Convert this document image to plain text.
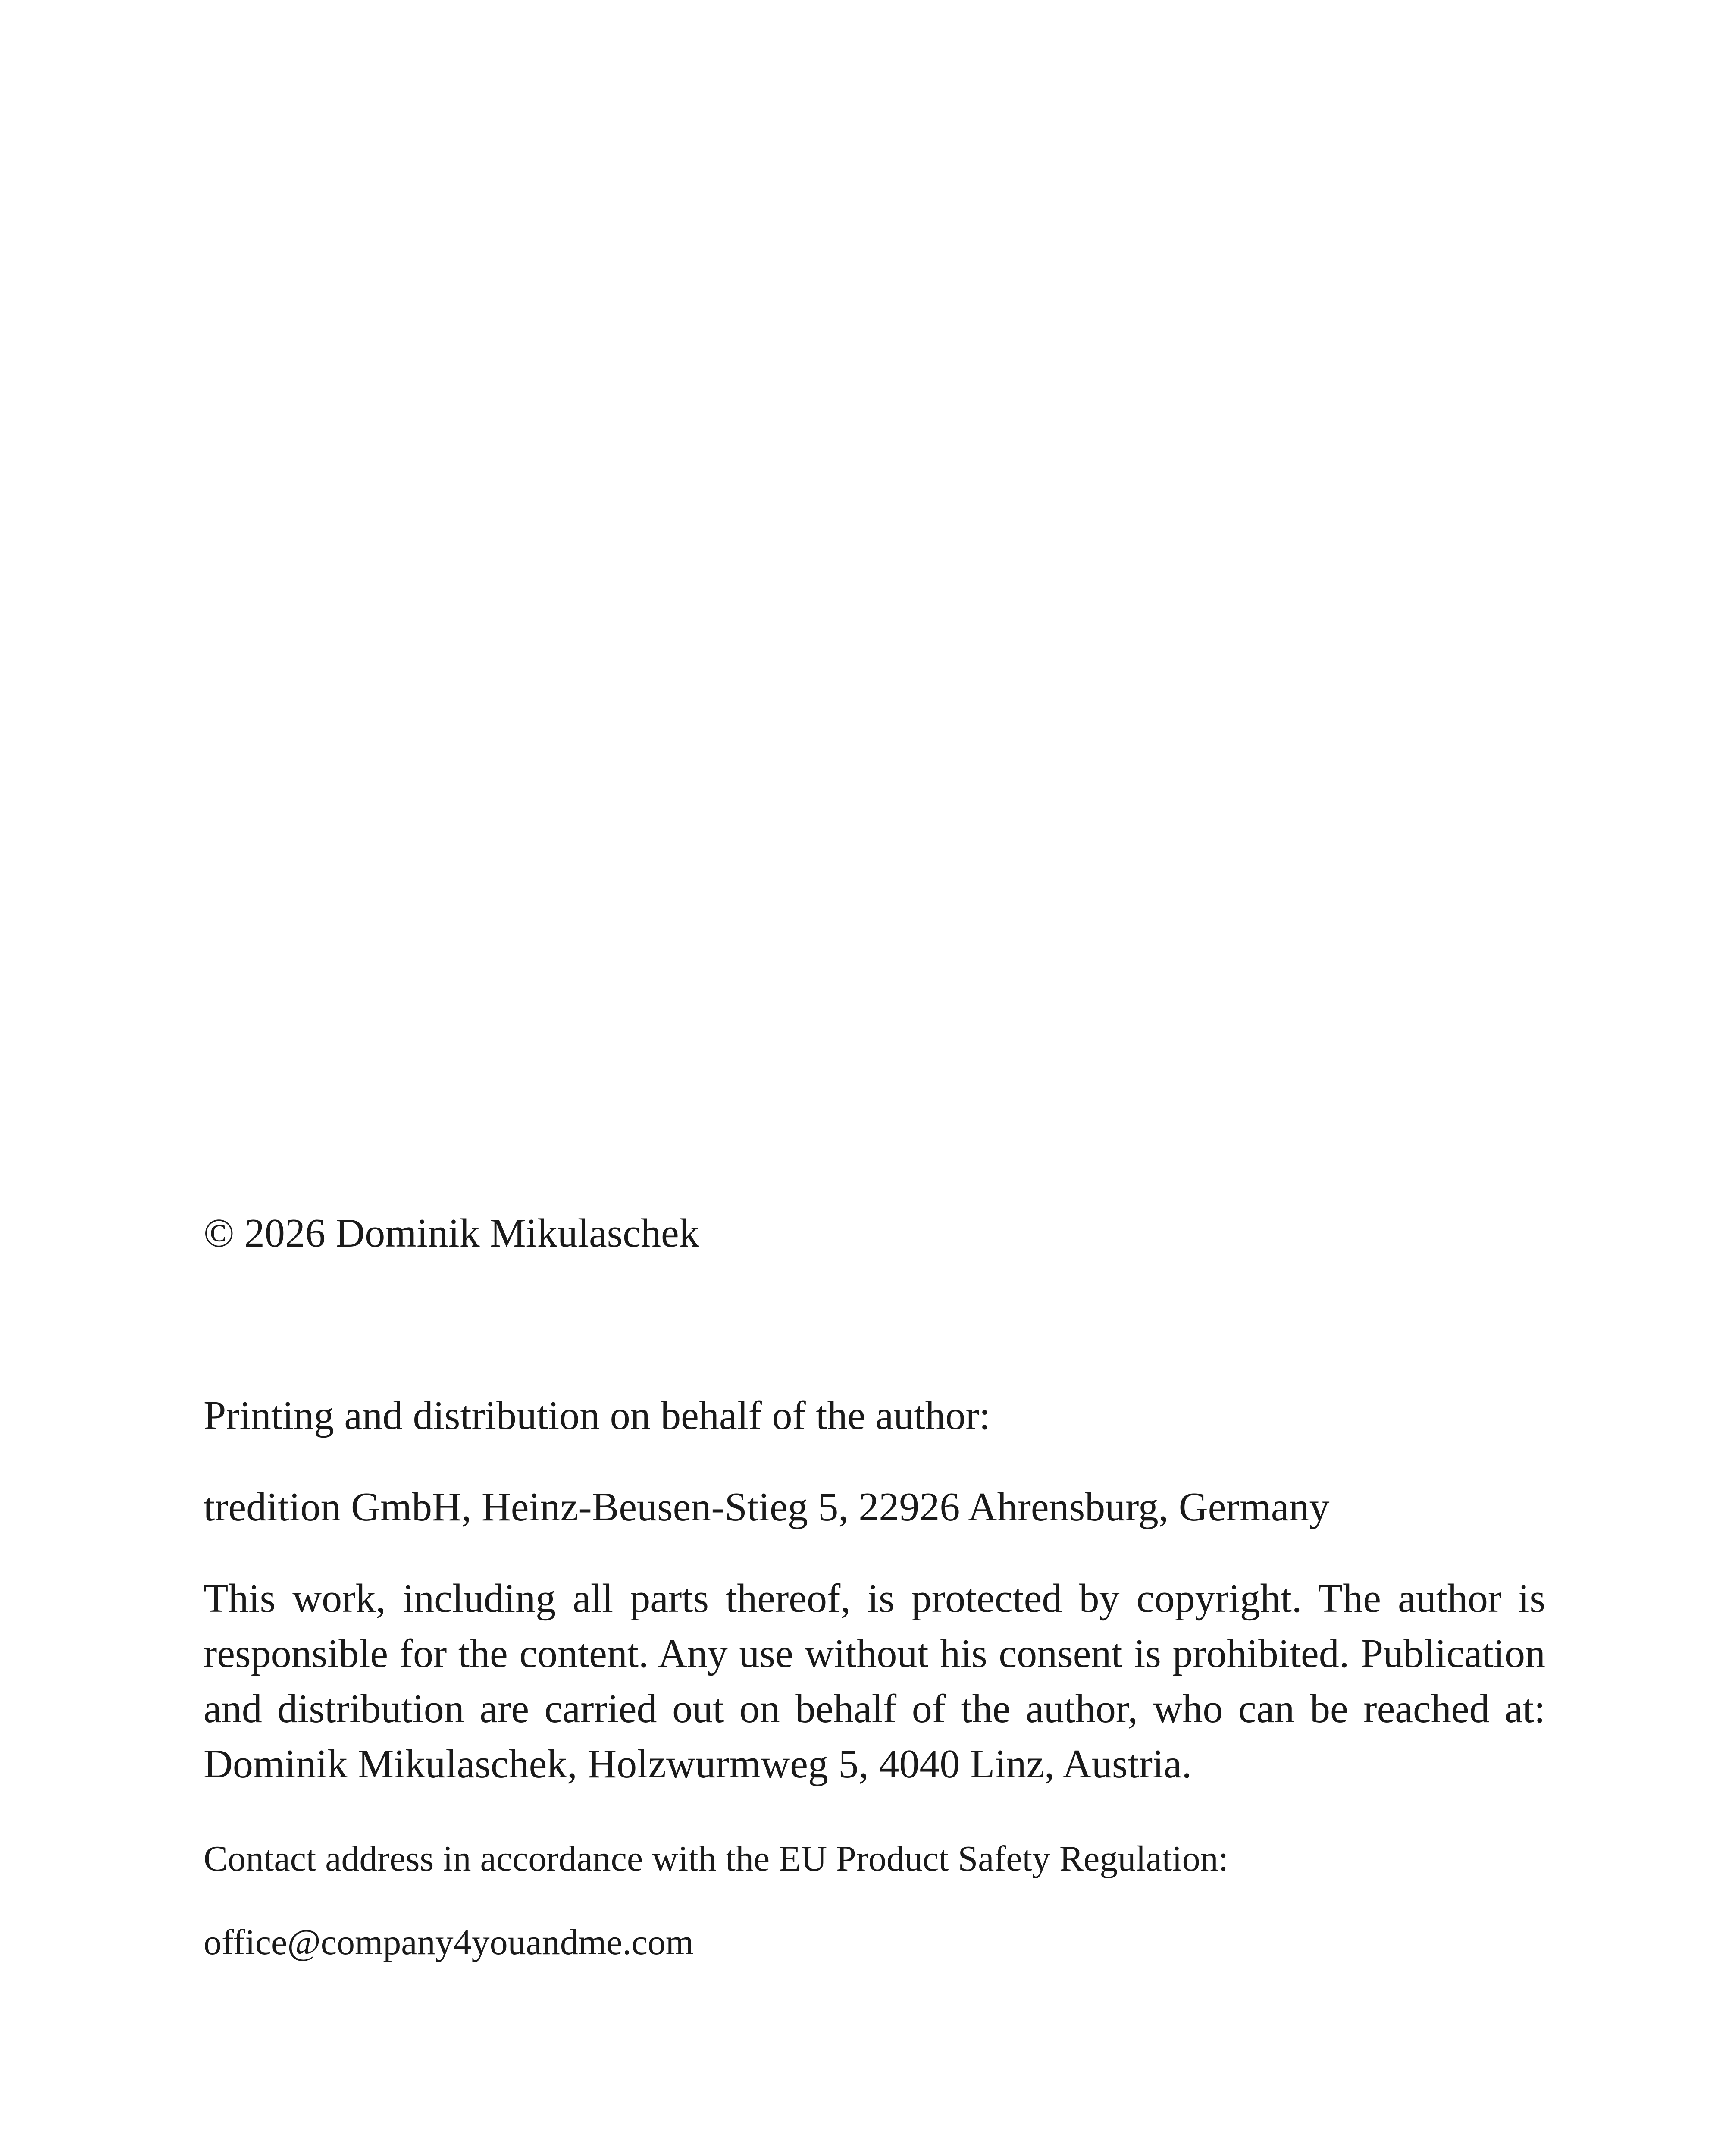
© 2026 Dominik Mikulaschek

Printing and distribution on behalf of the author:

tredition GmbH, Heinz-Beusen-Stieg 5, 22926 Ahrensburg, Germany

This work, including all parts thereof, is protected by copyright. The author is responsible for the content. Any use without his consent is prohibited. Publication and distribution are carried out on behalf of the author, who can be reached at: Dominik Mikulaschek, Holzwurmweg 5, 4040 Linz, Austria.

Contact address in accordance with the EU Product Safety Regulation:

office@company4youandme.com
